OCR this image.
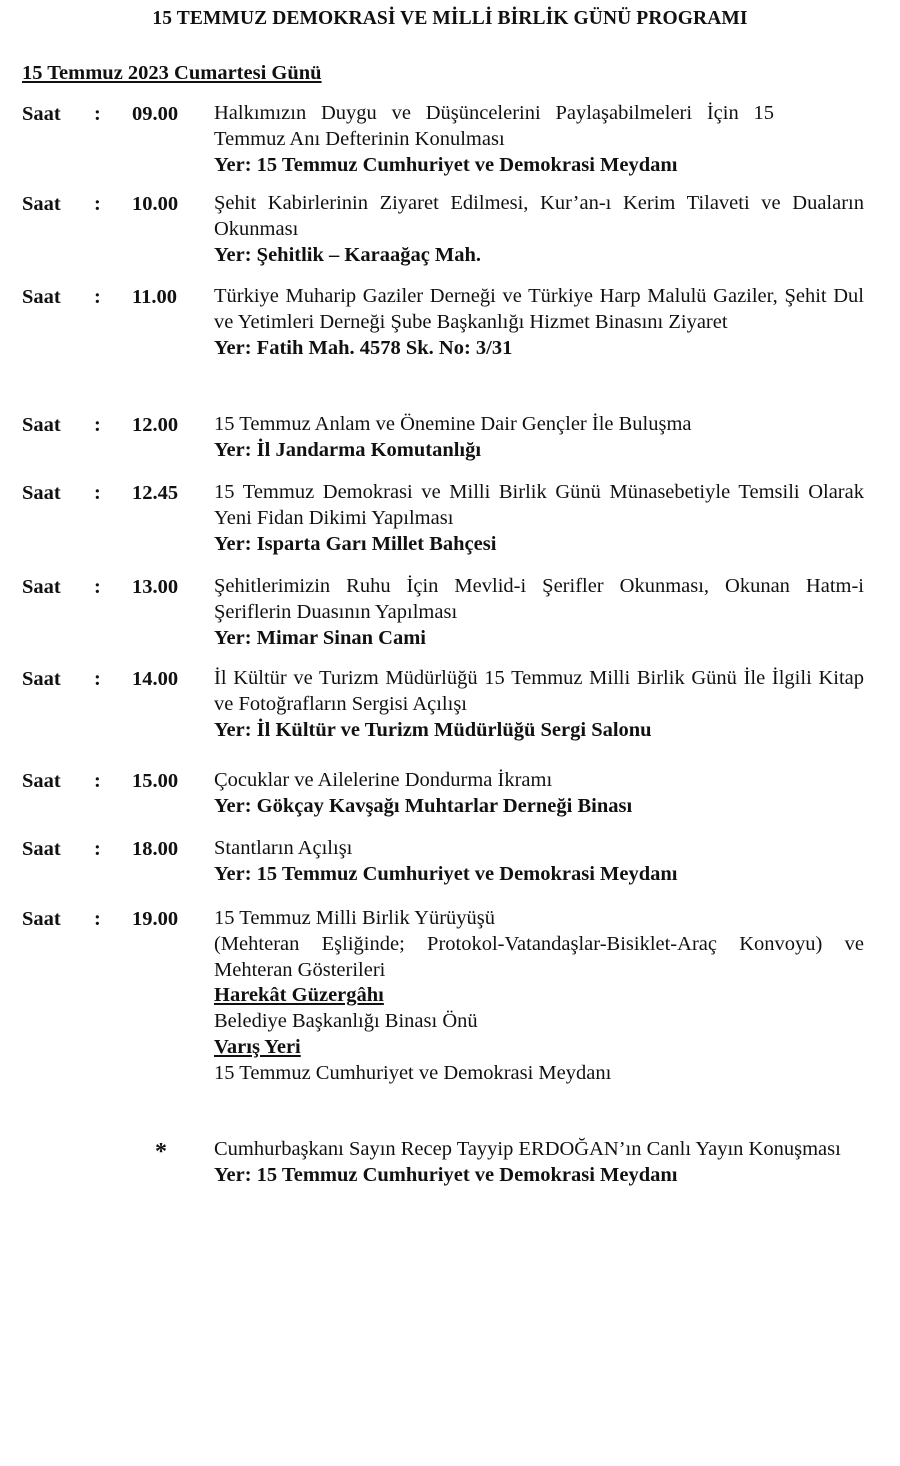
15 TEMMUZ DEMOKRASİ VE MİLLİ BİRLİK GÜNÜ PROGRAMI
15 Temmuz 2023 Cumartesi Günü
Saat : 09.00 Halkımızın Duygu ve Düşüncelerini Paylaşabilmeleri İçin 15 Temmuz Anı Defterinin Konulması
Yer: 15 Temmuz Cumhuriyet ve Demokrasi Meydanı
Saat : 10.00 Şehit Kabirlerinin Ziyaret Edilmesi, Kur’an-ı Kerim Tilaveti ve Duaların Okunması
Yer: Şehitlik – Karaağaç Mah.
Saat : 11.00 Türkiye Muharip Gaziler Derneği ve Türkiye Harp Malulü Gaziler, Şehit Dul ve Yetimleri Derneği Şube Başkanlığı Hizmet Binasını Ziyaret
Yer: Fatih Mah. 4578 Sk. No: 3/31
Saat : 12.00 15 Temmuz Anlam ve Önemine Dair Gençler İle Buluşma
Yer: İl Jandarma Komutanlığı
Saat : 12.45 15 Temmuz Demokrasi ve Milli Birlik Günü Münasebetiyle Temsili Olarak Yeni Fidan Dikimi Yapılması
Yer: Isparta Garı Millet Bahçesi
Saat : 13.00 Şehitlerimizin Ruhu İçin Mevlid-i Şerifler Okunması, Okunan Hatm-i Şeriflerin Duasının Yapılması
Yer: Mimar Sinan Cami
Saat : 14.00 İl Kültür ve Turizm Müdürlüğü 15 Temmuz Milli Birlik Günü İle İlgili Kitap ve Fotoğrafların Sergisi Açılışı
Yer: İl Kültür ve Turizm Müdürlüğü Sergi Salonu
Saat : 15.00 Çocuklar ve Ailelerine Dondurma İkramı
Yer: Gökçay Kavşağı Muhtarlar Derneği Binası
Saat : 18.00 Stantların Açılışı
Yer: 15 Temmuz Cumhuriyet ve Demokrasi Meydanı
Saat : 19.00 15 Temmuz Milli Birlik Yürüyüşü
(Mehteran Eşliğinde; Protokol-Vatandaşlar-Bisiklet-Araç Konvoyu) ve Mehteran Gösterileri
Harekât Güzergâhı
Belediye Başkanlığı Binası Önü
Varış Yeri
15 Temmuz Cumhuriyet ve Demokrasi Meydanı
* Cumhurbaşkanı Sayın Recep Tayyip ERDOĞAN’ın Canlı Yayın Konuşması
Yer: 15 Temmuz Cumhuriyet ve Demokrasi Meydanı
